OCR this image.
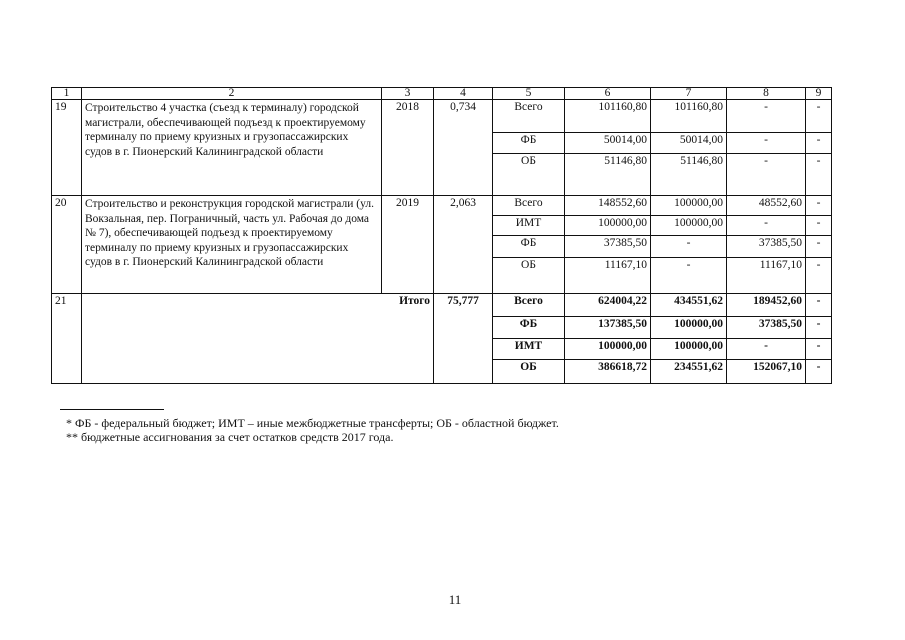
1	2	3	4	5	6	7	8	9
19	Строительство 4 участка (съезд к терминалу) городской магистрали, обеспечивающей подъезд к проектируемому терминалу по приему круизных и грузопассажирских судов в г. Пионерский Калининградской области	2018	0,734	Всего	101160,80	101160,80	-	-
				ФБ	50014,00	50014,00	-	-
				ОБ	51146,80	51146,80	-	-
20	Строительство и реконструкция городской магистрали (ул. Вокзальная, пер. Пограничный, часть ул. Рабочая до дома № 7), обеспечивающей подъезд к проектируемому терминалу по приему круизных и грузопассажирских судов в г. Пионерский Калининградской области	2019	2,063	Всего	148552,60	100000,00	48552,60	-
				ИМТ	100000,00	100000,00	-	-
				ФБ	37385,50	-	37385,50	-
				ОБ	11167,10	-	11167,10	-
21	Итого		75,777	Всего	624004,22	434551,62	189452,60	-
				ФБ	137385,50	100000,00	37385,50	-
				ИМТ	100000,00	100000,00	-	-
				ОБ	386618,72	234551,62	152067,10	-
* ФБ - федеральный бюджет; ИМТ – иные межбюджетные трансферты; ОБ - областной бюджет.
** бюджетные ассигнования за счет остатков средств 2017 года.
11
